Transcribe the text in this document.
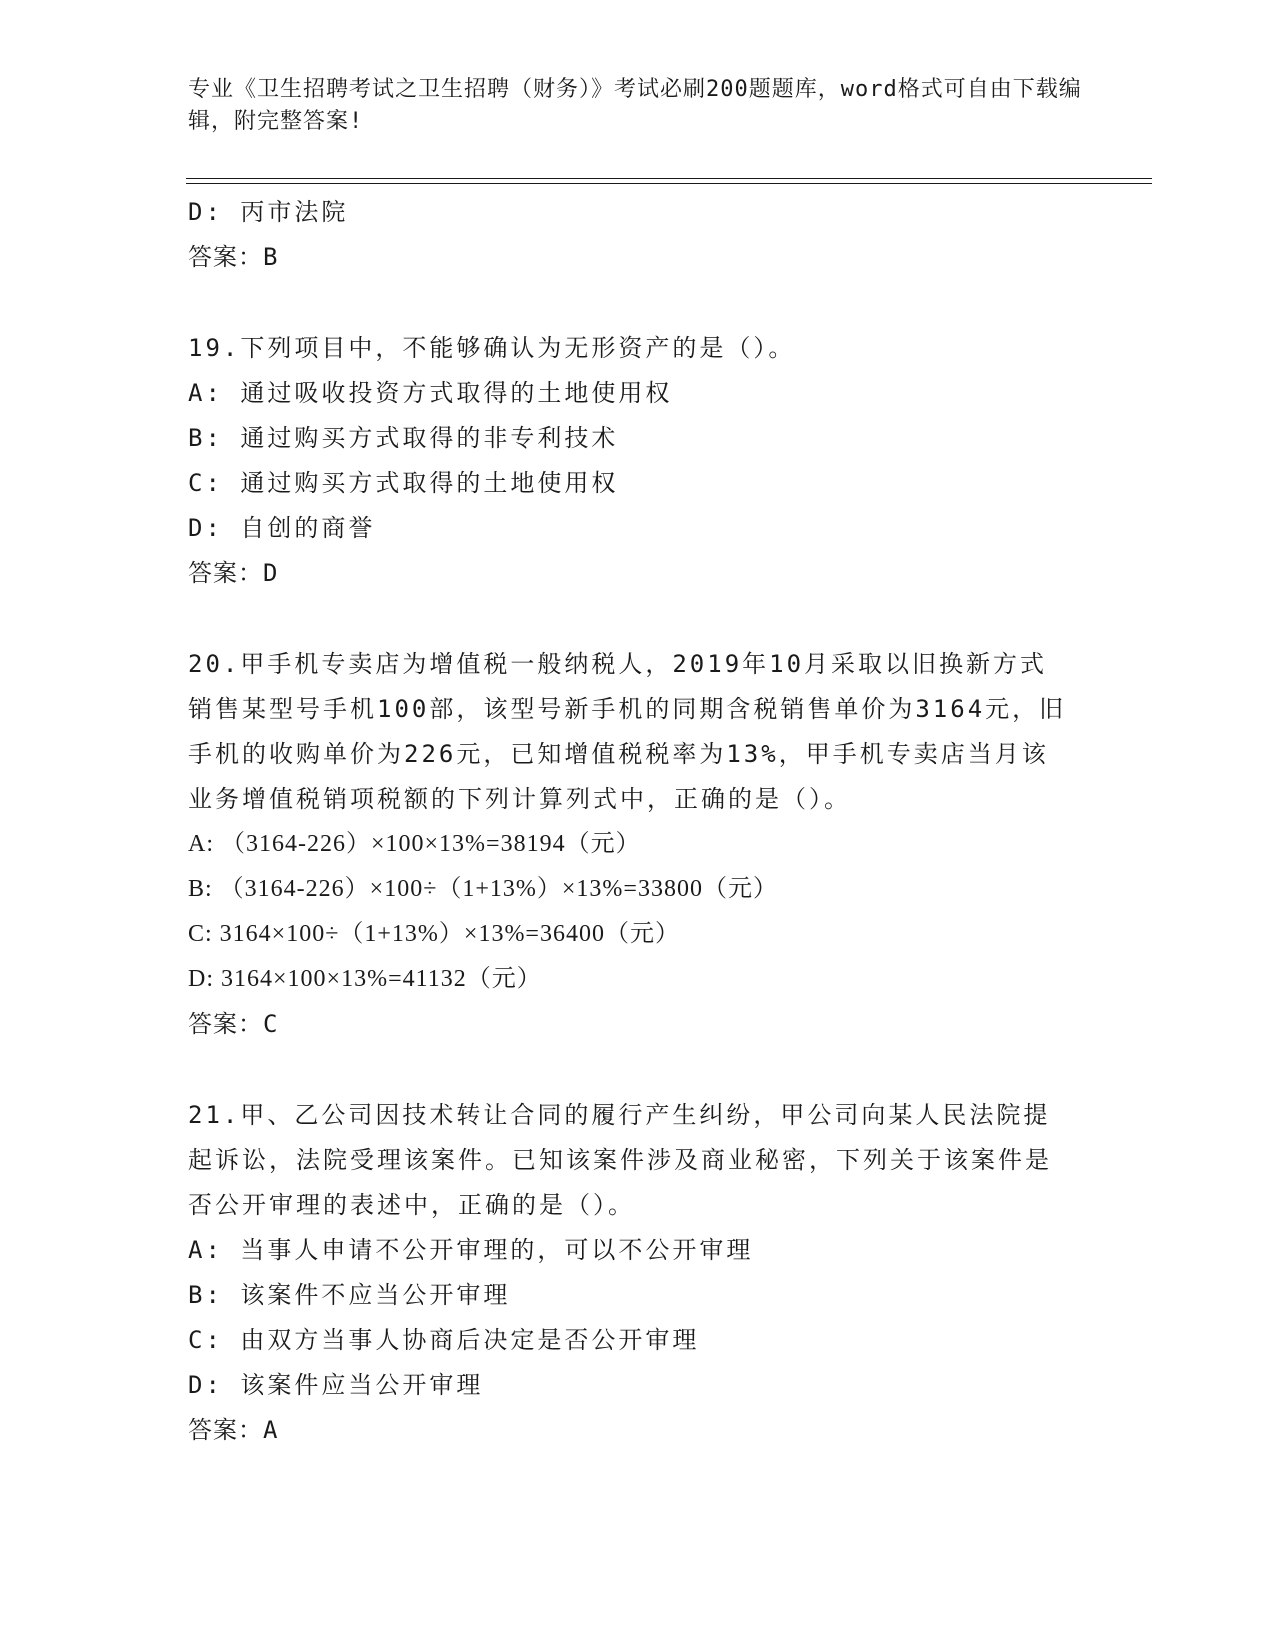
专业《卫生招聘考试之卫生招聘（财务）》考试必刷200题题库，word格式可自由下载编辑，附完整答案!

D: 丙市法院

答案：B

19.下列项目中，不能够确认为无形资产的是（）。

A: 通过吸收投资方式取得的土地使用权

B: 通过购买方式取得的非专利技术

C: 通过购买方式取得的土地使用权

D: 自创的商誉

答案：D

20.甲手机专卖店为增值税一般纳税人，2019年10月采取以旧换新方式销售某型号手机100部，该型号新手机的同期含税销售单价为3164元，旧手机的收购单价为226元，已知增值税税率为13%，甲手机专卖店当月该业务增值税销项税额的下列计算列式中，正确的是（）。

A: （3164-226）×100×13%=38194（元）

B: （3164-226）×100÷（1+13%）×13%=33800（元）

C: 3164×100÷（1+13%）×13%=36400（元）

D: 3164×100×13%=41132（元）

答案：C

21.甲、乙公司因技术转让合同的履行产生纠纷，甲公司向某人民法院提起诉讼，法院受理该案件。已知该案件涉及商业秘密，下列关于该案件是否公开审理的表述中，正确的是（）。

A: 当事人申请不公开审理的，可以不公开审理

B: 该案件不应当公开审理

C: 由双方当事人协商后决定是否公开审理

D: 该案件应当公开审理

答案：A
